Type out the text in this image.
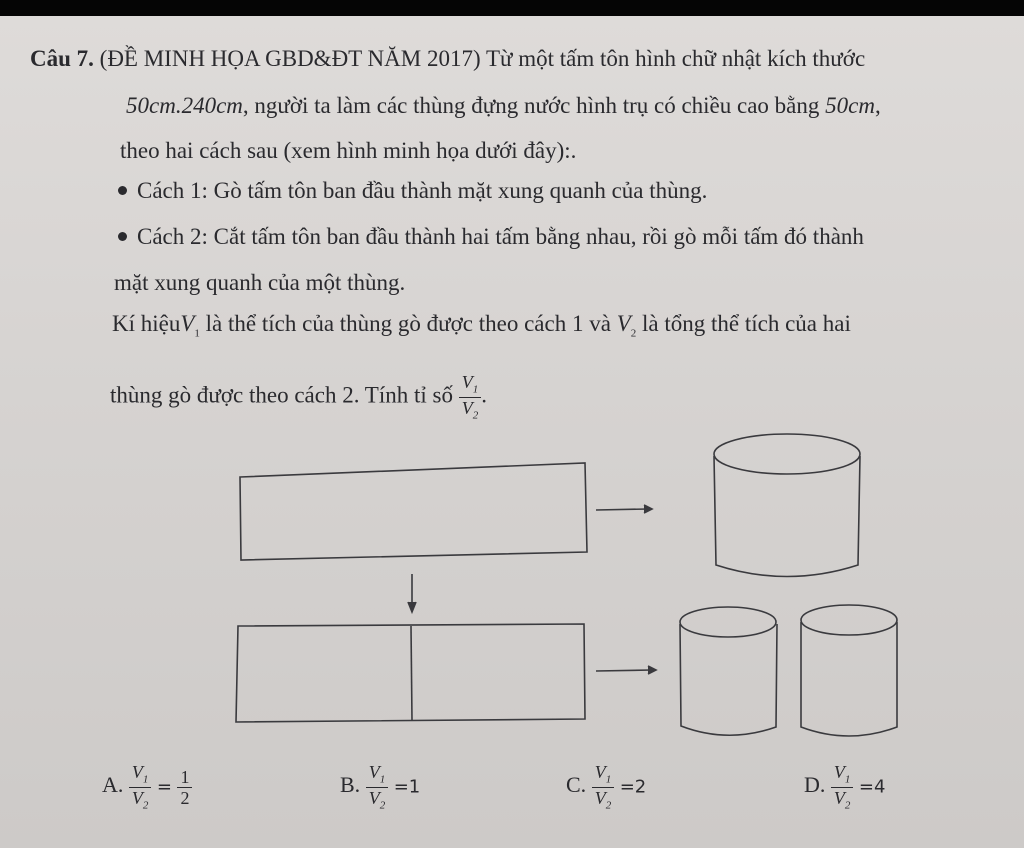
Câu 7. (ĐỀ MINH HỌA GBD&ĐT NĂM 2017) Từ một tấm tôn hình chữ nhật kích thước
50cm.240cm, người ta làm các thùng đựng nước hình trụ có chiều cao bằng 50cm,
theo hai cách sau (xem hình minh họa dưới đây):.
Cách 1: Gò tấm tôn ban đầu thành mặt xung quanh của thùng.
Cách 2: Cắt tấm tôn ban đầu thành hai tấm bằng nhau, rồi gò mỗi tấm đó thành
mặt xung quanh của một thùng.
Kí hiệuV$_1$ là thể tích của thùng gò được theo cách 1 và $V_2$ là tổng thể tích của hai
thùng gò được theo cách 2. Tính tỉ số $\frac{V_1}{V_2}$ .
A. $\frac{V_1}{V_2} = \frac{1}{2}$	B. $\frac{V_1}{V_2} =1$	C. $\frac{V_1}{V_2} =2$	D. $\frac{V_1}{V_2} =4$
